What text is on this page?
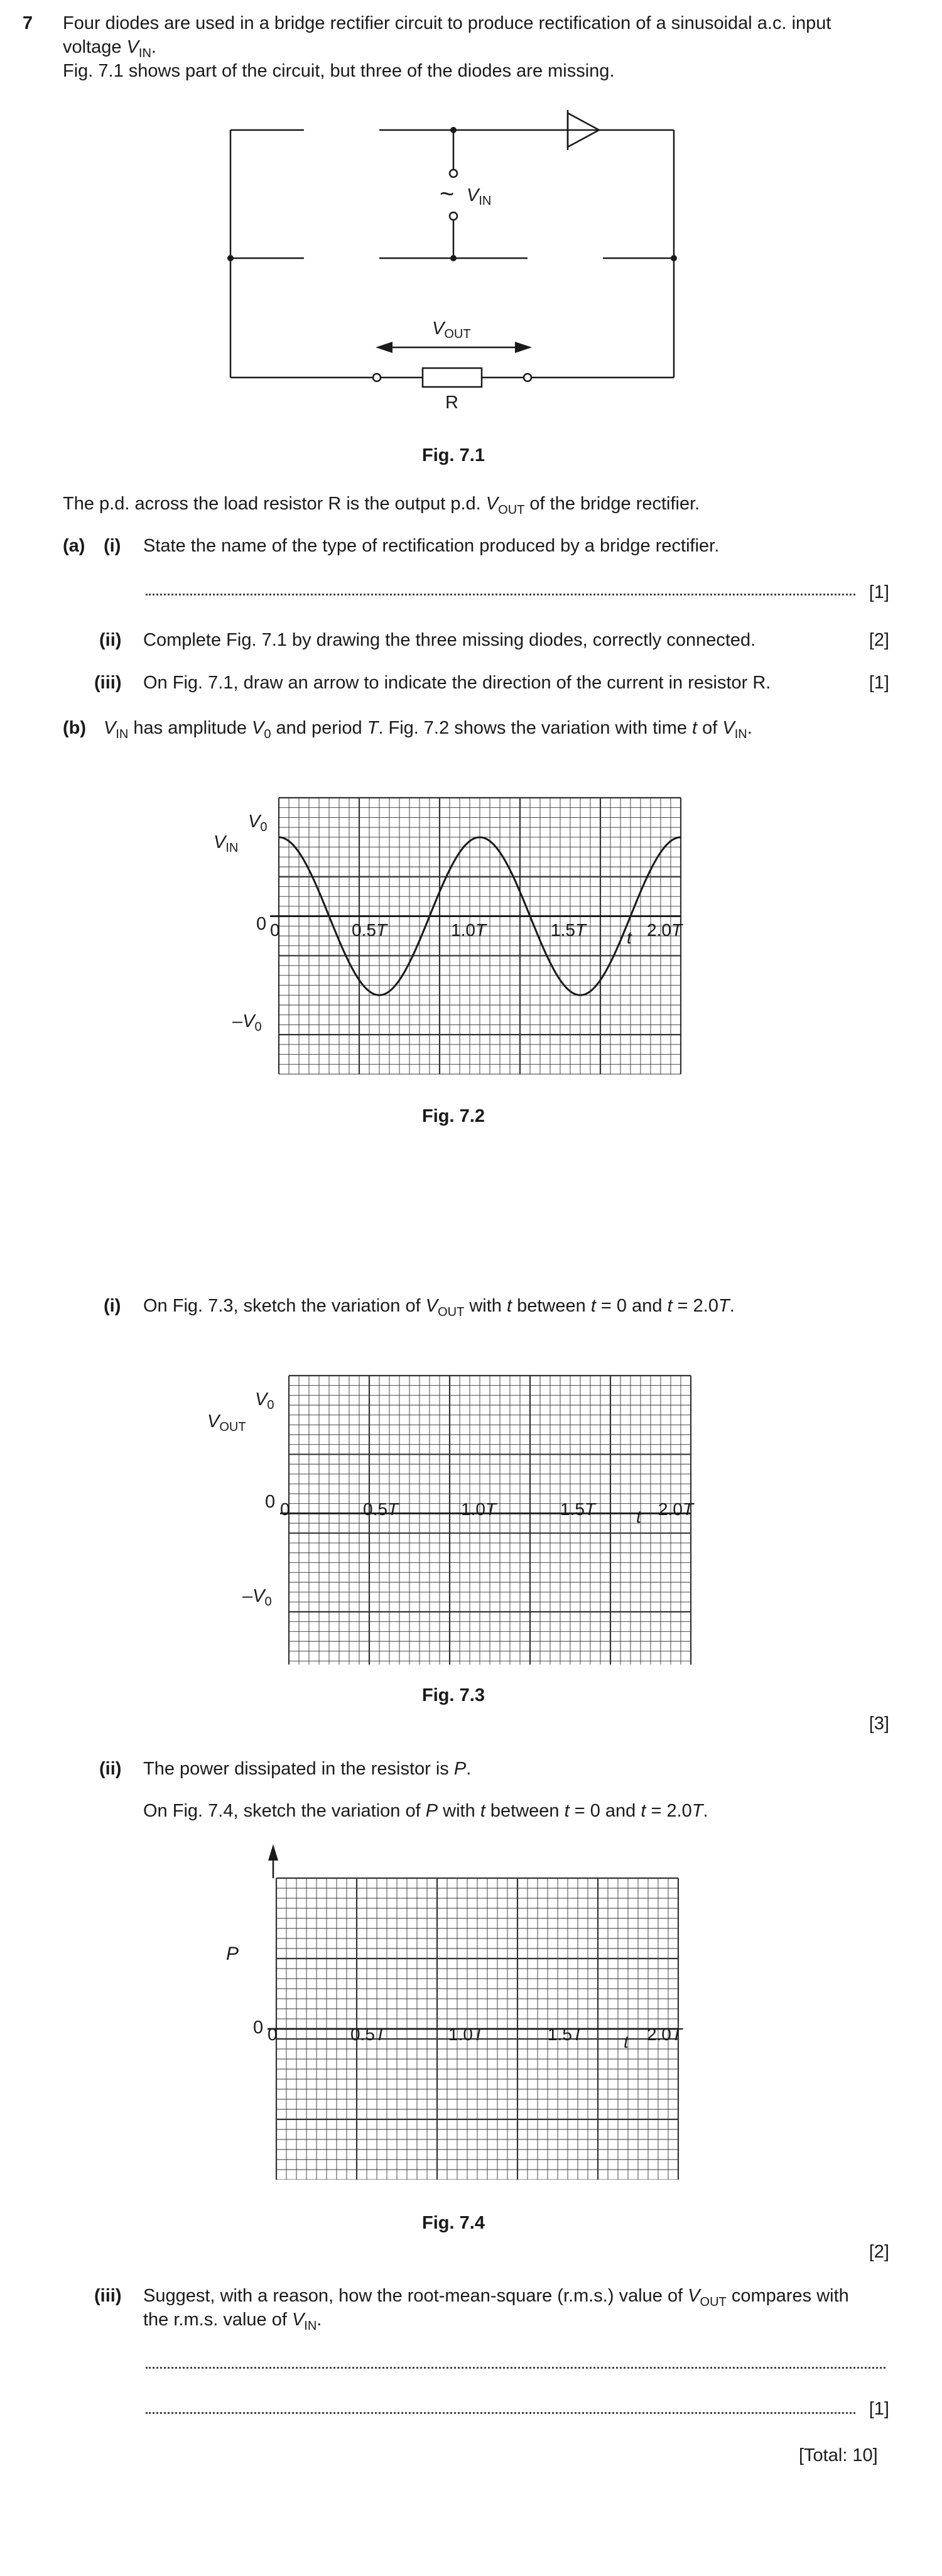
7 Four diodes are used in a bridge rectifier circuit to produce rectification of a sinusoidal a.c. input
voltage $V_{IN}$.
Fig. 7.1 shows part of the circuit, but three of the diodes are missing.
~ $V_{IN}$
$V_{OUT}$
R
Fig. 7.1
The p.d. across the load resistor R is the output p.d. $V_{OUT}$ of the bridge rectifier.
(a) (i) State the name of the type of rectification produced by a bridge rectifier.
[1]
(ii) Complete Fig. 7.1 by drawing the three missing diodes, correctly connected.	[2]
(iii) On Fig. 7.1, draw an arrow to indicate the direction of the current in resistor R.	[1]
(b) $V_{IN}$ has amplitude $V_0$ and period T. Fig. 7.2 shows the variation with time t of $V_{IN}$.
$V_0$
$V_{IN}$
0
$-V_0$
0	0.5T	1.0T	1.5T	2.0T
t
Fig. 7.2
(i) On Fig. 7.3, sketch the variation of $V_{OUT}$ with t between t = 0 and t = 2.0T.
$V_0$
$V_{OUT}$
0
$-V_0$
0	0.5T	1.0T	1.5T	2.0T
t
Fig. 7.3
[3]
(ii) The power dissipated in the resistor is P.
On Fig. 7.4, sketch the variation of P with t between t = 0 and t = 2.0T.
P
0 0	0.5T	1.0T	1.5T	2.0T
t
Fig. 7.4
[2]
(iii) Suggest, with a reason, how the root-mean-square (r.m.s.) value of $V_{OUT}$ compares with
the r.m.s. value of $V_{IN}$.
[1]
[Total: 10]
